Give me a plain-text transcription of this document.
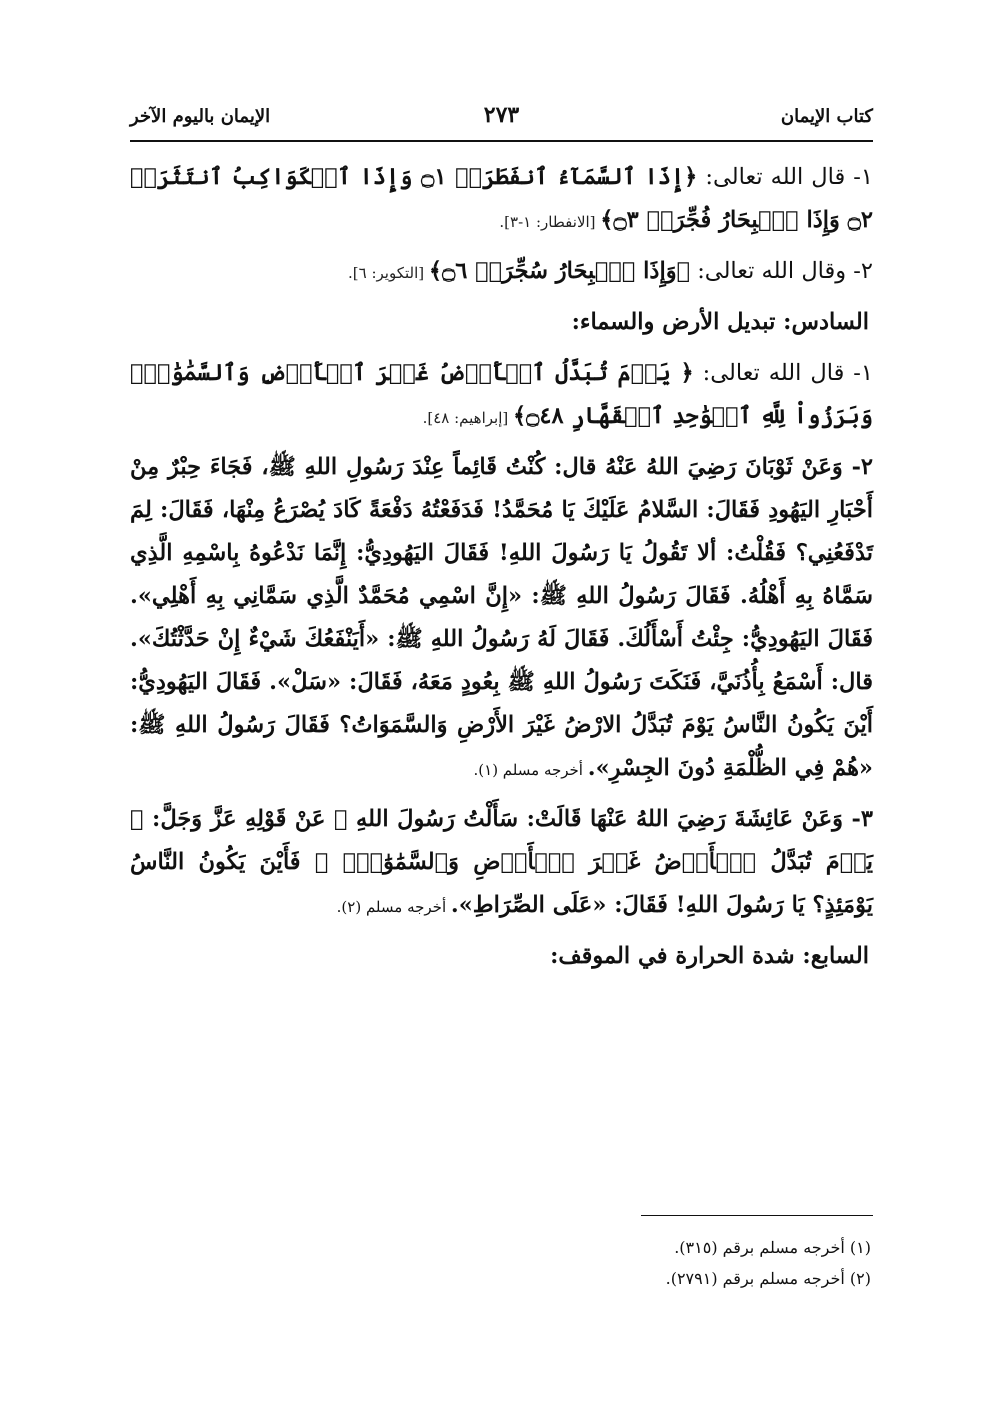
كتاب الإيمان
٢٧٣
الإيمان باليوم الآخر

١- قال الله تعالى: ﴿إِذَا ٱلسَّمَآءُ ٱنفَطَرَتۡ ۝١ وَإِذَا ٱلۡكَوَاكِبُ ٱنتَثَرَتۡ ۝٢ وَإِذَا ٱلۡبِحَارُ فُجِّرَتۡ ۝٣﴾ [الانفطار: ١-٣].

٢- وقال الله تعالى: ﴿وَإِذَا ٱلۡبِحَارُ سُجِّرَتۡ ۝٦﴾ [التكوير: ٦].

السادس: تبديل الأرض والسماء:

١- قال الله تعالى: ﴿ يَوۡمَ تُبَدَّلُ ٱلۡأَرۡضُ غَيۡرَ ٱلۡأَرۡضِ وَٱلسَّمَٰوَٰتُۖ وَبَرَزُواْ لِلَّهِ ٱلۡوَٰحِدِ ٱلۡقَهَّارِ ۝٤٨﴾ [إبراهيم: ٤٨].

٢- وَعَنْ ثَوْبَانَ رَضِيَ اللهُ عَنْهُ قال: كُنْتُ قَائِماً عِنْدَ رَسُولِ اللهِ ﷺ، فَجَاءَ حِبْرٌ مِنْ أَحْبَارِ اليَهُودِ فَقَالَ: السَّلامُ عَلَيْكَ يَا مُحَمَّدُ! فَدَفَعْتُهُ دَفْعَةً كَادَ يُصْرَعُ مِنْهَا، فَقَالَ: لِمَ تَدْفَعُنِي؟ فَقُلْتُ: ألا تَقُولُ يَا رَسُولَ اللهِ! فَقَالَ اليَهُودِيُّ: إِنَّمَا نَدْعُوهُ بِاسْمِهِ الَّذِي سَمَّاهُ بِهِ أَهْلُهُ. فَقَالَ رَسُولُ اللهِ ﷺ: «إِنَّ اسْمِي مُحَمَّدٌ الَّذِي سَمَّانِي بِهِ أَهْلِي». فَقَالَ اليَهُودِيُّ: جِئْتُ أَسْأَلُكَ. فَقَالَ لَهُ رَسُولُ اللهِ ﷺ: «أَيَنْفَعُكَ شَيْءٌ إِنْ حَدَّثْتُكَ». قال: أَسْمَعُ بِأُذُنَيَّ، فَنَكَتَ رَسُولُ اللهِ ﷺ بِعُودٍ مَعَهُ، فَقَالَ: «سَلْ». فَقَالَ اليَهُودِيُّ: أَيْنَ يَكُونُ النَّاسُ يَوْمَ تُبَدَّلُ الارْضُ غَيْرَ الأَرْضِ وَالسَّمَوَاتُ؟ فَقَالَ رَسُولُ اللهِ ﷺ: «هُمْ فِي الظُّلْمَةِ دُونَ الجِسْرِ». أخرجه مسلم (١).

٣- وَعَنْ عَائِشَةَ رَضِيَ اللهُ عَنْهَا قَالَتْ: سَأَلْتُ رَسُولَ اللهِ ﷺ عَنْ قَوْلِهِ عَزَّ وَجَلَّ: ﴿ يَوۡمَ تُبَدَّلُ ٱلۡأَرۡضُ غَيۡرَ ٱلۡأَرۡضِ وَٱلسَّمَٰوَٰتُۖ ﴾ فَأَيْنَ يَكُونُ النَّاسُ يَوْمَئِذٍ؟ يَا رَسُولَ اللهِ! فَقَالَ: «عَلَى الصِّرَاطِ». أخرجه مسلم (٢).

السابع: شدة الحرارة في الموقف:

(١) أخرجه مسلم برقم (٣١٥).
(٢) أخرجه مسلم برقم (٢٧٩١).
